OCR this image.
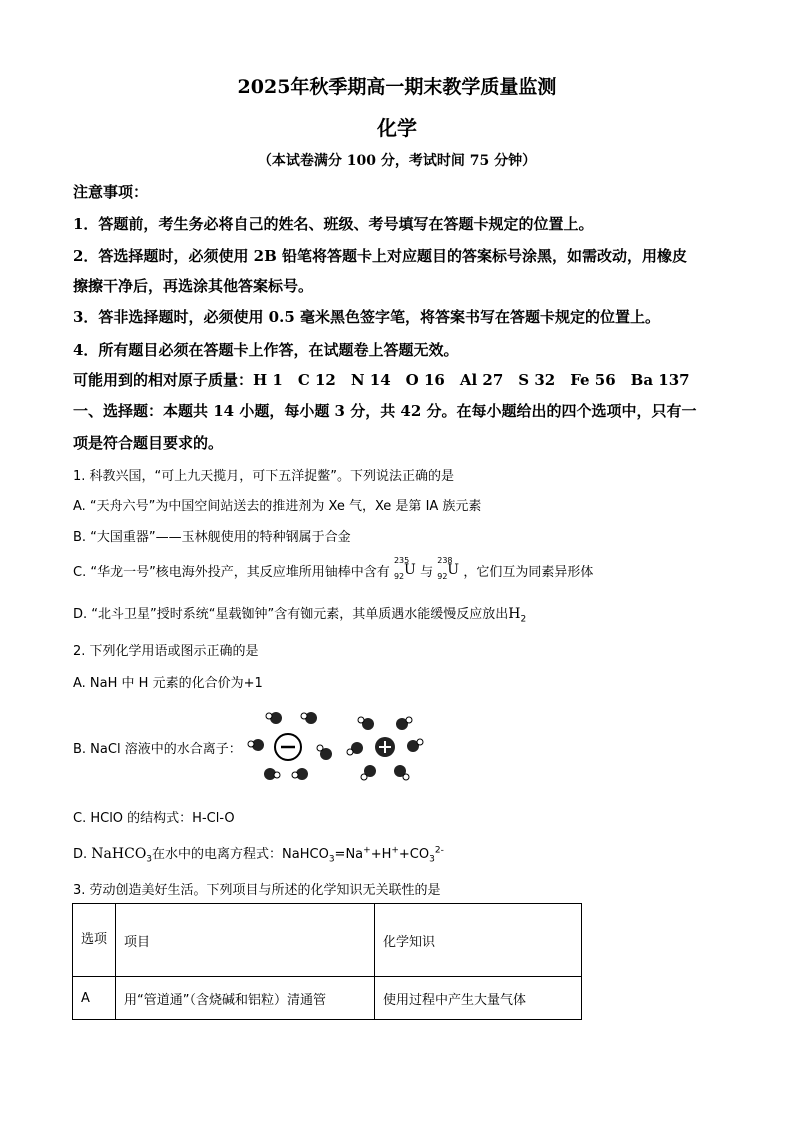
2025年秋季期高一期末教学质量监测
化学
（本试卷满分 100 分，考试时间 75 分钟）
注意事项：
1．答题前，考生务必将自己的姓名、班级、考号填写在答题卡规定的位置上。
2．答选择题时，必须使用 2B 铅笔将答题卡上对应题目的答案标号涂黑，如需改动，用橡皮
擦擦干净后，再选涂其他答案标号。
3．答非选择题时，必须使用 0.5 毫米黑色签字笔，将答案书写在答题卡规定的位置上。
4．所有题目必须在答题卡上作答，在试题卷上答题无效。
可能用到的相对原子质量：H 1　C 12　N 14　O 16　Al 27　S 32　Fe 56　Ba 137
一、选择题：本题共 14 小题，每小题 3 分，共 42 分。在每小题给出的四个选项中，只有一
项是符合题目要求的。
1. 科教兴国，“可上九天揽月，可下五洋捉鳖”。下列说法正确的是
A. “天舟六号”为中国空间站送去的推进剂为 Xe 气，Xe 是第 IA 族元素
B. “大国重器”——玉林舰使用的特种钢属于合金
C. “华龙一号”核电海外投产，其反应堆所用铀棒中含有
235
92 U 与
238
92 U ，它们互为同素异形体
D. “北斗卫星”授时系统“星载铷钟”含有铷元素，其单质遇水能缓慢反应放出$H_2$
2. 下列化学用语或图示正确的是
A. NaH 中 H 元素的化合价为+1
B. NaCl 溶液中的水合离子：
C. HClO 的结构式：H-Cl-O
D. NaHCO$_3$在水中的电离方程式：$NaHCO_3=Na^++H^++CO_3^{2-}$
3. 劳动创造美好生活。下列项目与所述的化学知识无关联性的是
选项	项目	化学知识
A	用“管道通”（含烧碱和铝粒）清通管	使用过程中产生大量气体
